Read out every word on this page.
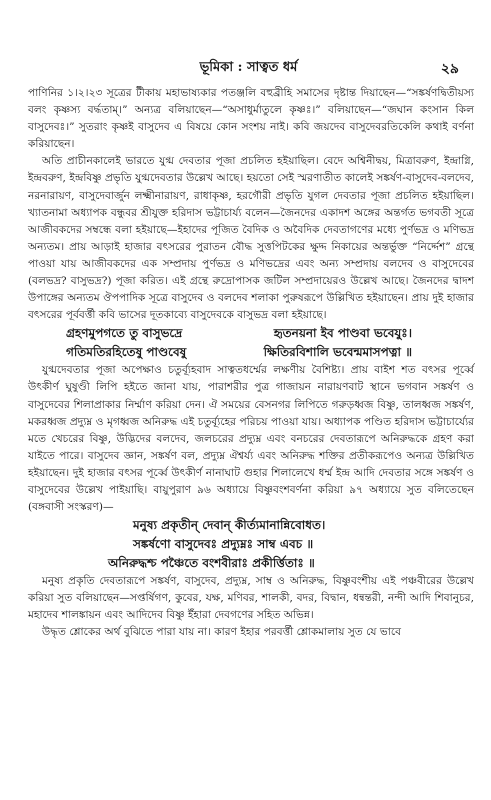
ভূমিকা : সাত্বত ধর্ম	২৯

পাণিনির ১।২।২৩ সূত্রের টীকায় মহাভাষ্যকার পতঞ্জলি বহুব্রীহি সমাসের দৃষ্টান্ত দিয়াছেন—“সঙ্কর্ষণদ্বিতীয়স্য বলং কৃষ্ণস্য বর্দ্ধতাম্‌।” অন্যত্র বলিয়াছেন—“অসাধুর্মাতুলে কৃষ্ণঃ।” বলিয়াছেন—“জঘান কংসান কিল বাসুদেবঃ।” সুতরাং কৃষ্ণই বাসুদেব এ বিষয়ে কোন সংশয় নাই। কবি জয়দেব বাসুদেবরতিকেলি কথাই বর্ণনা করিয়াছেন।

অতি প্রাচীনকালেই ভারতে যুগ্ম দেবতার পূজা প্রচলিত হইয়াছিল। বেদে অশ্বিনীদ্বয়, মিত্রাবরুণ, ইন্দ্রাগ্নি, ইন্দ্রবরুণ, ইন্দ্রবিষ্ণু প্রভৃতি যুগ্মদেবতার উল্লেখ আছে। হয়তো সেই স্মরণাতীত কালেই সঙ্কর্ষণ-বাসুদেব-বলদেব, নরনারায়ণ, বাসুদেবার্জুন লক্ষ্মীনারায়ণ, রাধাকৃষ্ণ, হরগৌরী প্রভৃতি যুগল দেবতার পূজা প্রচলিত হইয়াছিল। খ্যাতনামা অধ্যাপক বন্ধুবর শ্রীযুক্ত হরিদাস ভট্টাচার্য্য বলেন—জৈনদের একাদশ অঙ্গের অন্তর্গত ভগবতী সূত্রে আজীবকদের সম্বন্ধে বলা হইয়াছে—ইহাদের পূজিত বৈদিক ও অবৈদিক দেবতাগণের মধ্যে পুর্ণভদ্র ও মণিভদ্র অন্যতম। প্রায় আড়াই হাজার বৎসরের পুরাতন বৌদ্ধ সুত্তপিটকের ক্ষুদ্দ নিকায়ের অন্তর্ভুক্ত “নির্দ্দেশ” গ্রন্থে পাওয়া যায় আজীবকদের এক সম্প্রদায় পুর্ণভদ্র ও মণিভদ্রের এবং অন্য সম্প্রদায় বলদেব ও বাসুদেবের (বলভদ্র? বাসুভদ্র?) পূজা করিত। এই গ্রন্থে রুদ্রোপাসক জটিল সম্প্রদায়েরও উল্লেখ আছে। জৈনদের দ্বাদশ উপাঙ্গের অন্যতম ঔপপাদিক সূত্রে বাসুদেব ও বলদেব শলাকা পুরুষরূপে উল্লিখিত হইয়াছেন। প্রায় দুই হাজার বৎসরের পূর্ববর্ত্তী কবি ভাসের দূতকাব্যে বাসুদেবকে বাসুভদ্র বলা হইয়াছে।

গ্রহণমুপগতে তু বাসুভদ্রে	হৃতনয়না ইব পাণ্ডবা ভবেযুঃ।
গতিমতিরহিতেষু পাণ্ডবেষু	ক্ষিতিরবিশালি ভবেন্মমাসপত্না ॥

যুগ্মদেবতার পূজা অপেক্ষাও চতুর্ব্যূহবাদ সাত্বতধর্ম্মের লক্ষণীয় বৈশিষ্ট্য। প্রায় বাইশ শত বৎসর পূর্ব্বে উৎকীর্ণ ঘুষুণ্ডী লিপি হইতে জানা যায়, পারাশরীর পুত্র গাজায়ন নারায়ণবাট স্থানে ভগবান সঙ্কর্ষণ ও বাসুদেবের শিলাপ্রাকার নির্ম্মাণ করিয়া দেন। ঐ সময়ের বেসনগর লিপিতে গরুড়ধ্বজ বিষ্ণু, তালধ্বজ সঙ্কর্ষণ, মকরধ্বজ প্রদ্যুম্ন ও মৃগধ্বজ অনিরুদ্ধ এই চতুর্ব্যূহের পরিচয় পাওয়া যায়। অধ্যাপক পণ্ডিত হরিদাস ভট্টাচার্য্যের মতে খেচরের বিষ্ণু, উদ্ভিদের বলদেব, জলচরের প্রদ্যুম্ন এবং বনচরের দেবতারূপে অনিরুদ্ধকে গ্রহণ করা যাইতে পারে। বাসুদেব জ্ঞান, সঙ্কর্ষণ বল, প্রদ্যুম্ন ঐশ্বর্য্য এবং অনিরুদ্ধ শক্তির প্রতীকরূপেও অন্যত্র উল্লিখিত হইয়াছেন। দুই হাজার বৎসর পূর্ব্বে উৎকীর্ণ নানাঘাট গুহার শিলালেখে ধর্ম্ম ইন্দ্র আদি দেবতার সঙ্গে সঙ্কর্ষণ ও বাসুদেবের উল্লেখ পাইয়াছি। বায়ুপুরাণ ৯৬ অধ্যায়ে বিষ্ণুবংশবর্ণনা করিয়া ৯৭ অধ্যায়ে সুত বলিতেছেন (বঙ্গবাসী সংস্করণ)—

মনুষ্য প্রকৃতীন্‌ দেবান্‌ কীর্ত্যমানান্নিবোধত।
সঙ্কর্ষণো বাসুদেবঃ প্রদ্যুম্নঃ সাম্ব এবচ ॥
অনিরুদ্ধশ্চ পঞ্চৈতে বংশবীরাঃ প্রকীর্ত্তিতাঃ ॥

মনুষ্য প্রকৃতি দেবতারূপে সঙ্কর্ষণ, বাসুদেব, প্রদ্যুম্ন, সাম্ব ও অনিরুদ্ধ, বিষ্ণুবংশীয় এই পঞ্চবীরের উল্লেখ করিয়া সুত বলিয়াছেন—সপ্তর্ষিগণ, কুবের, যক্ষ, মণিবর, শালকী, বদর, বিদ্বান, ধন্বন্তরী, নন্দী আদি শিবানুচর, মহাদেব শালঙ্কায়ন এবং আদিদেব বিষ্ণু ইঁহারা দেবগণের সহিত অভিন্ন।

উদ্ধৃত শ্লোকের অর্থ বুঝিতে পারা যায় না। কারণ ইহার পরবর্ত্তী শ্লোকমালায় সুত যে ভাবে
